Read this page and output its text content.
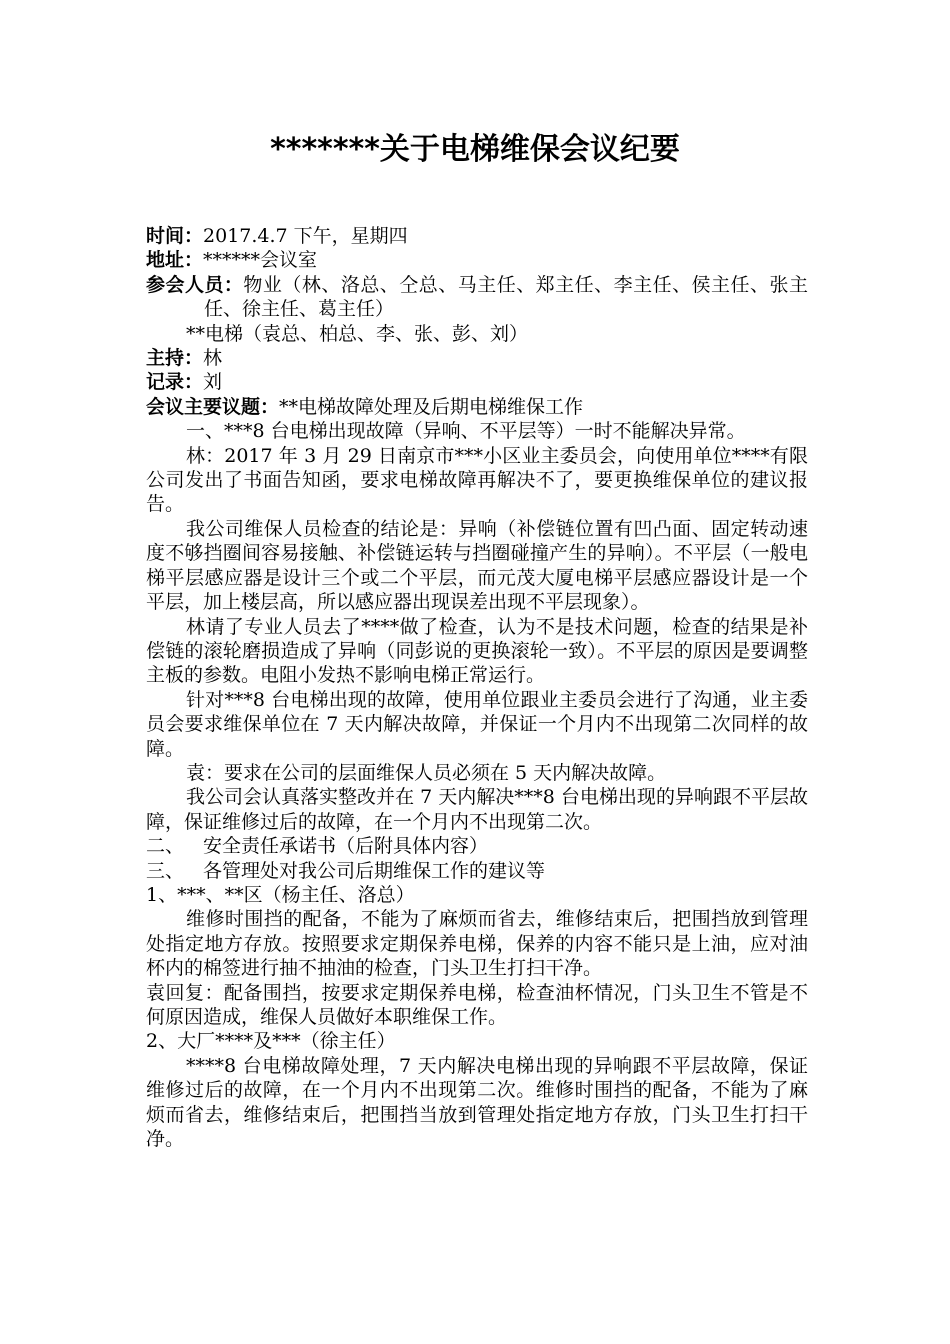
*******关于电梯维保会议纪要

时间：2017.4.7 下午，星期四

地址：******会议室

参会人员：物业（林、洛总、仝总、马主任、郑主任、李主任、侯主任、张主任、徐主任、葛主任）

**电梯（袁总、柏总、李、张、彭、刘）

主持：林

记录：刘

会议主要议题：**电梯故障处理及后期电梯维保工作

一、***8 台电梯出现故障（异响、不平层等）一时不能解决异常。

林：2017 年 3 月 29 日南京市***小区业主委员会，向使用单位****有限公司发出了书面告知函，要求电梯故障再解决不了，要更换维保单位的建议报告。

我公司维保人员检查的结论是：异响（补偿链位置有凹凸面、固定转动速度不够挡圈间容易接触、补偿链运转与挡圈碰撞产生的异响）。不平层（一般电梯平层感应器是设计三个或二个平层，而元茂大厦电梯平层感应器设计是一个平层，加上楼层高，所以感应器出现误差出现不平层现象）。

林请了专业人员去了****做了检查，认为不是技术问题，检查的结果是补偿链的滚轮磨损造成了异响（同彭说的更换滚轮一致）。不平层的原因是要调整主板的参数。电阻小发热不影响电梯正常运行。

针对***8 台电梯出现的故障，使用单位跟业主委员会进行了沟通，业主委员会要求维保单位在 7 天内解决故障，并保证一个月内不出现第二次同样的故障。

袁：要求在公司的层面维保人员必须在 5 天内解决故障。

我公司会认真落实整改并在 7 天内解决***8 台电梯出现的异响跟不平层故障，保证维修过后的故障，在一个月内不出现第二次。

二、 安全责任承诺书（后附具体内容）

三、 各管理处对我公司后期维保工作的建议等

1、***、**区（杨主任、洛总）

维修时围挡的配备，不能为了麻烦而省去，维修结束后，把围挡放到管理处指定地方存放。按照要求定期保养电梯，保养的内容不能只是上油，应对油杯内的棉签进行抽不抽油的检查，门头卫生打扫干净。

袁回复：配备围挡，按要求定期保养电梯，检查油杯情况，门头卫生不管是不何原因造成，维保人员做好本职维保工作。

2、大厂****及***（徐主任）

****8 台电梯故障处理，7 天内解决电梯出现的异响跟不平层故障，保证维修过后的故障，在一个月内不出现第二次。维修时围挡的配备，不能为了麻烦而省去，维修结束后，把围挡当放到管理处指定地方存放，门头卫生打扫干净。
